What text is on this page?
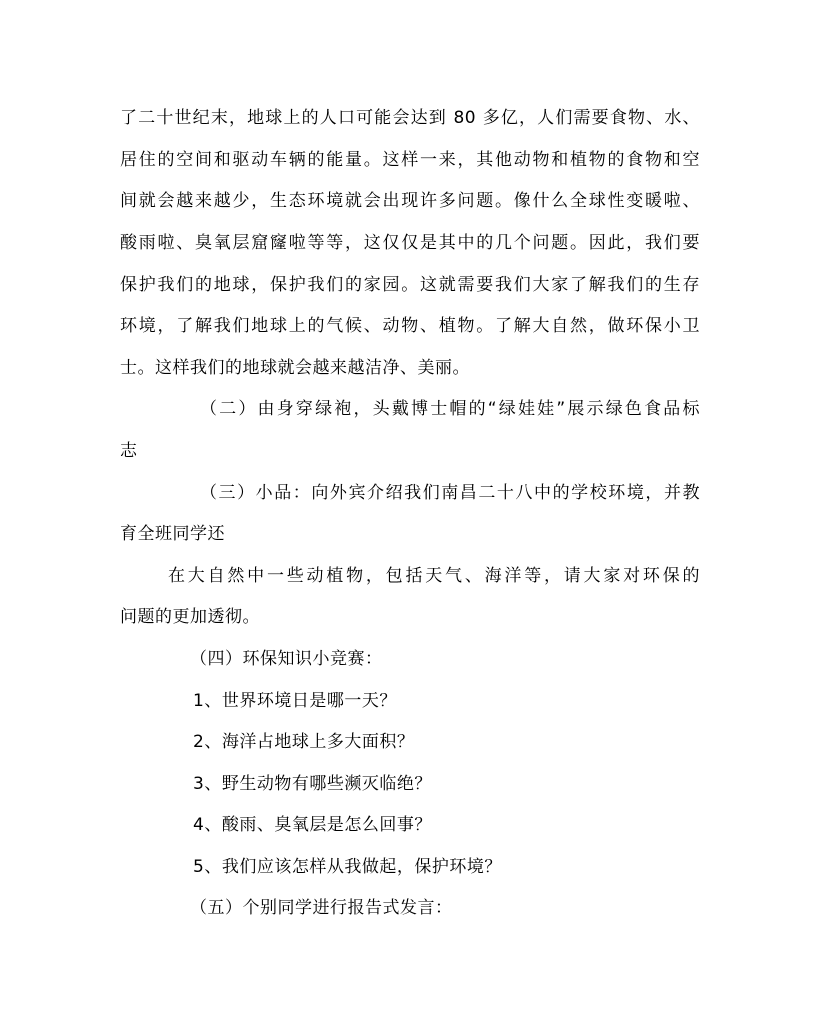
了二十世纪末，地球上的人口可能会达到 80 多亿，人们需要食物、水、
居住的空间和驱动车辆的能量。这样一来，其他动物和植物的食物和空
间就会越来越少，生态环境就会出现许多问题。像什么全球性变暖啦、
酸雨啦、臭氧层窟窿啦等等，这仅仅是其中的几个问题。因此，我们要
保护我们的地球，保护我们的家园。这就需要我们大家了解我们的生存
环境，了解我们地球上的气候、动物、植物。了解大自然，做环保小卫
士。这样我们的地球就会越来越洁净、美丽。
（二）由身穿绿袍，头戴博士帽的“绿娃娃”展示绿色食品标
志
（三）小品：向外宾介绍我们南昌二十八中的学校环境，并教
育全班同学还
在大自然中一些动植物，包括天气、海洋等，请大家对环保的
问题的更加透彻。
（四）环保知识小竞赛：
1、世界环境日是哪一天？
2、海洋占地球上多大面积？
3、野生动物有哪些濒灭临绝？
4、酸雨、臭氧层是怎么回事？
5、我们应该怎样从我做起，保护环境？
（五）个别同学进行报告式发言：
